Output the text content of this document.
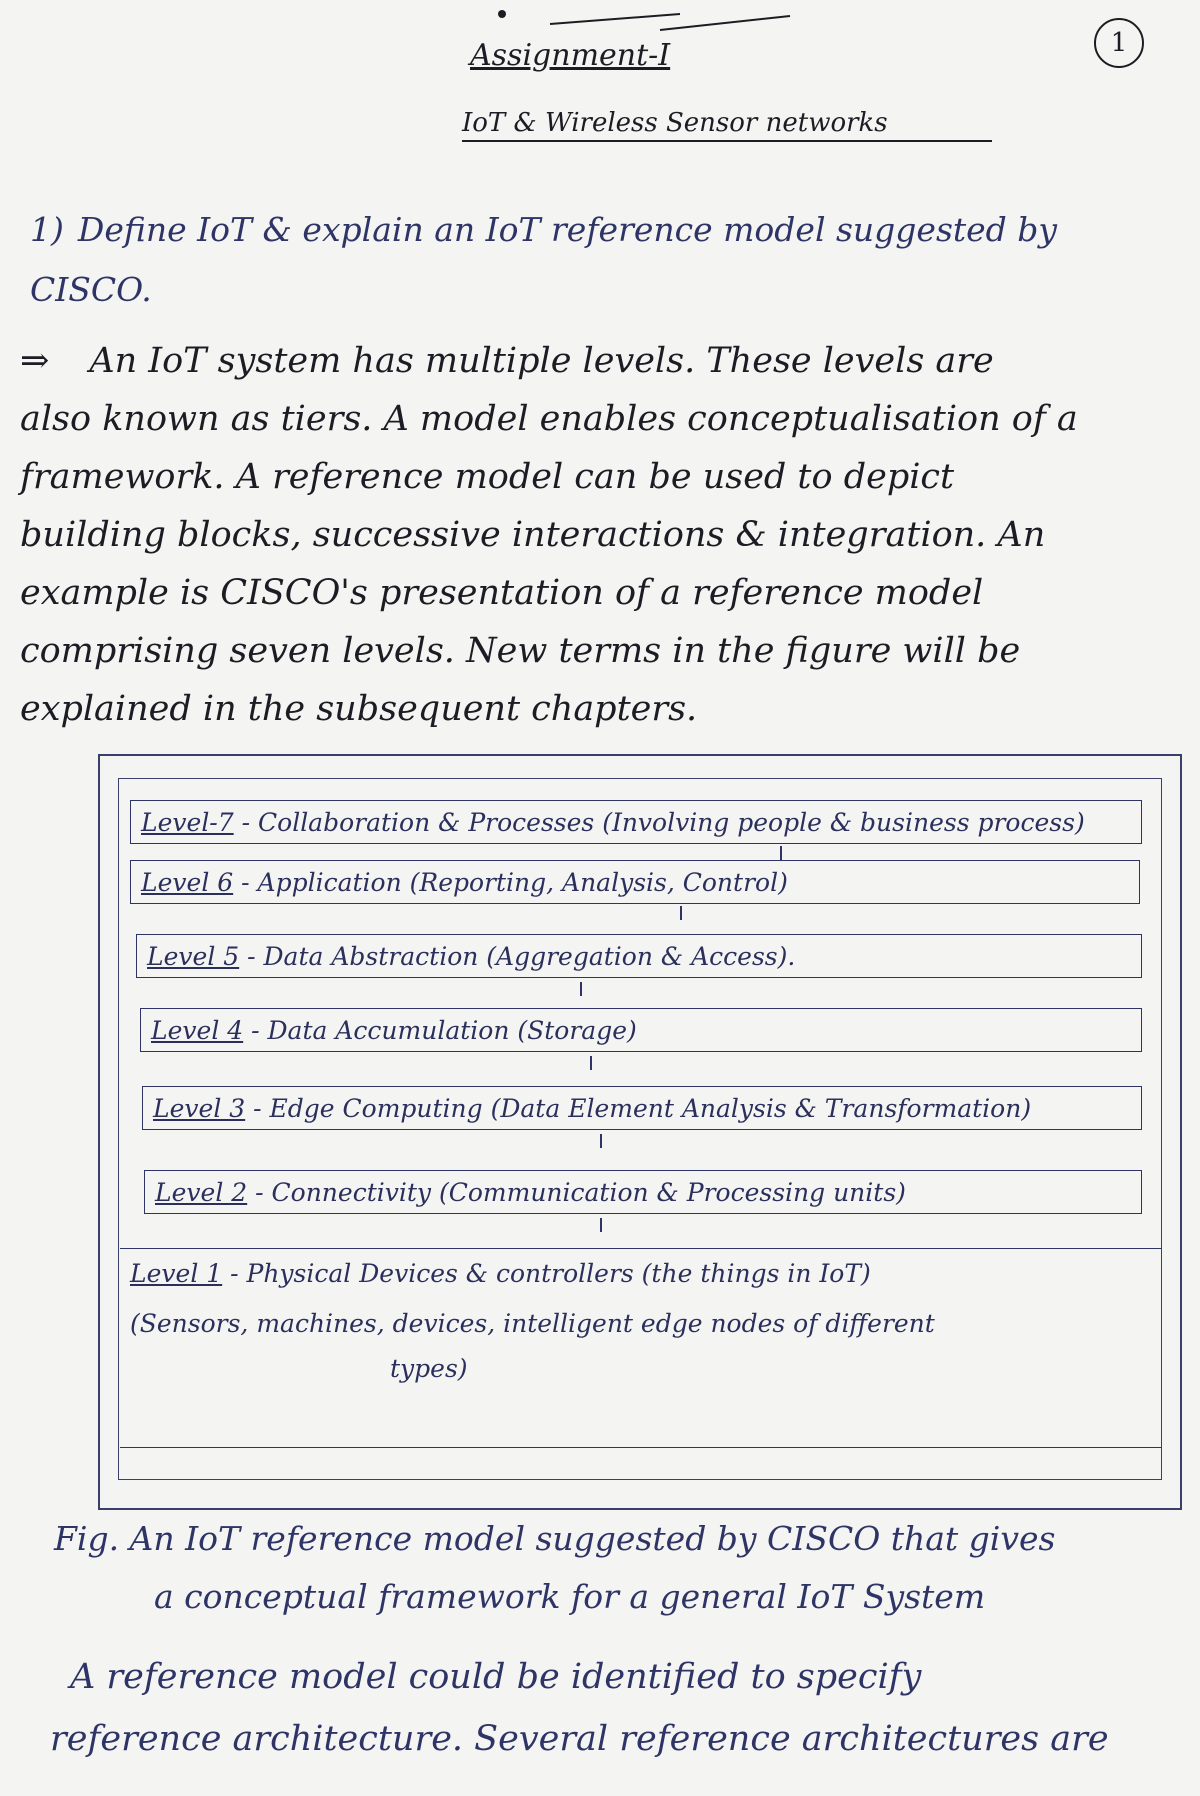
Assignment-I
IoT & Wireless Sensor networks
1
1) Define IoT & explain an IoT reference model suggested by CISCO.
⇒ An IoT system has multiple levels. These levels are
also known as tiers. A model enables conceptualisation of a
framework. A reference model can be used to depict
building blocks, successive interactions & integration. An
example is CISCO's presentation of a reference model
comprising seven levels. New terms in the figure will be
explained in the subsequent chapters.
Level-7 - Collaboration & Processes (Involving people & business process)
Level 6 - Application (Reporting, Analysis, Control)
Level 5 - Data Abstraction (Aggregation & Access).
Level 4 - Data Accumulation (Storage)
Level 3 - Edge Computing (Data Element Analysis & Transformation)
Level 2 - Connectivity (Communication & Processing units)
Level 1 - Physical Devices & controllers (the things in IoT)
(Sensors, machines, devices, intelligent edge nodes of different
types)
Fig. An IoT reference model suggested by CISCO that gives
a conceptual framework for a general IoT System
A reference model could be identified to specify
reference architecture. Several reference architectures are
